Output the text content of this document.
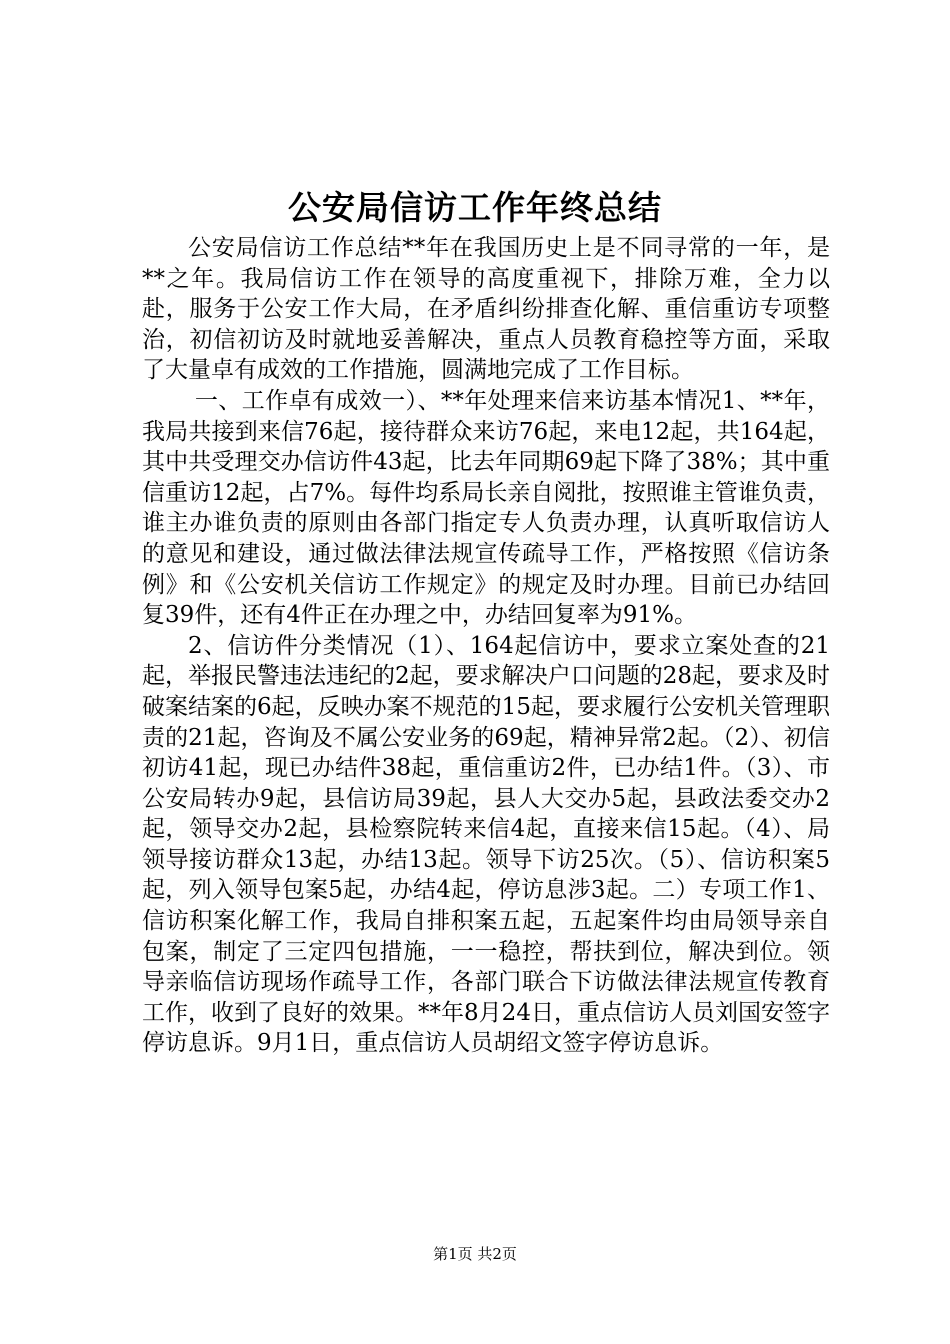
公安局信访工作年终总结

公安局信访工作总结**年在我国历史上是不同寻常的一年，是**之年。我局信访工作在领导的高度重视下，排除万难，全力以赴，服务于公安工作大局，在矛盾纠纷排查化解、重信重访专项整治，初信初访及时就地妥善解决，重点人员教育稳控等方面，采取了大量卓有成效的工作措施，圆满地完成了工作目标。

一、工作卓有成效一）、**年处理来信来访基本情况1、**年，我局共接到来信76起，接待群众来访76起，来电12起，共164起，其中共受理交办信访件43起，比去年同期69起下降了38%；其中重信重访12起，占7%。每件均系局长亲自阅批，按照谁主管谁负责，谁主办谁负责的原则由各部门指定专人负责办理，认真听取信访人的意见和建设，通过做法律法规宣传疏导工作，严格按照《信访条例》和《公安机关信访工作规定》的规定及时办理。目前已办结回复39件，还有4件正在办理之中，办结回复率为91%。

2、信访件分类情况（1）、164起信访中，要求立案处查的21起，举报民警违法违纪的2起，要求解决户口问题的28起，要求及时破案结案的6起，反映办案不规范的15起，要求履行公安机关管理职责的21起，咨询及不属公安业务的69起，精神异常2起。（2）、初信初访41起，现已办结件38起，重信重访2件，已办结1件。（3）、市公安局转办9起，县信访局39起，县人大交办5起，县政法委交办2起，领导交办2起，县检察院转来信4起，直接来信15起。（4）、局领导接访群众13起，办结13起。领导下访25次。（5）、信访积案5起，列入领导包案5起，办结4起，停访息涉3起。二）专项工作1、信访积案化解工作，我局自排积案五起，五起案件均由局领导亲自包案，制定了三定四包措施，一一稳控，帮扶到位，解决到位。领导亲临信访现场作疏导工作，各部门联合下访做法律法规宣传教育工作，收到了良好的效果。**年8月24日，重点信访人员刘国安签字停访息诉。9月1日，重点信访人员胡绍文签字停访息诉。

第1页 共2页
